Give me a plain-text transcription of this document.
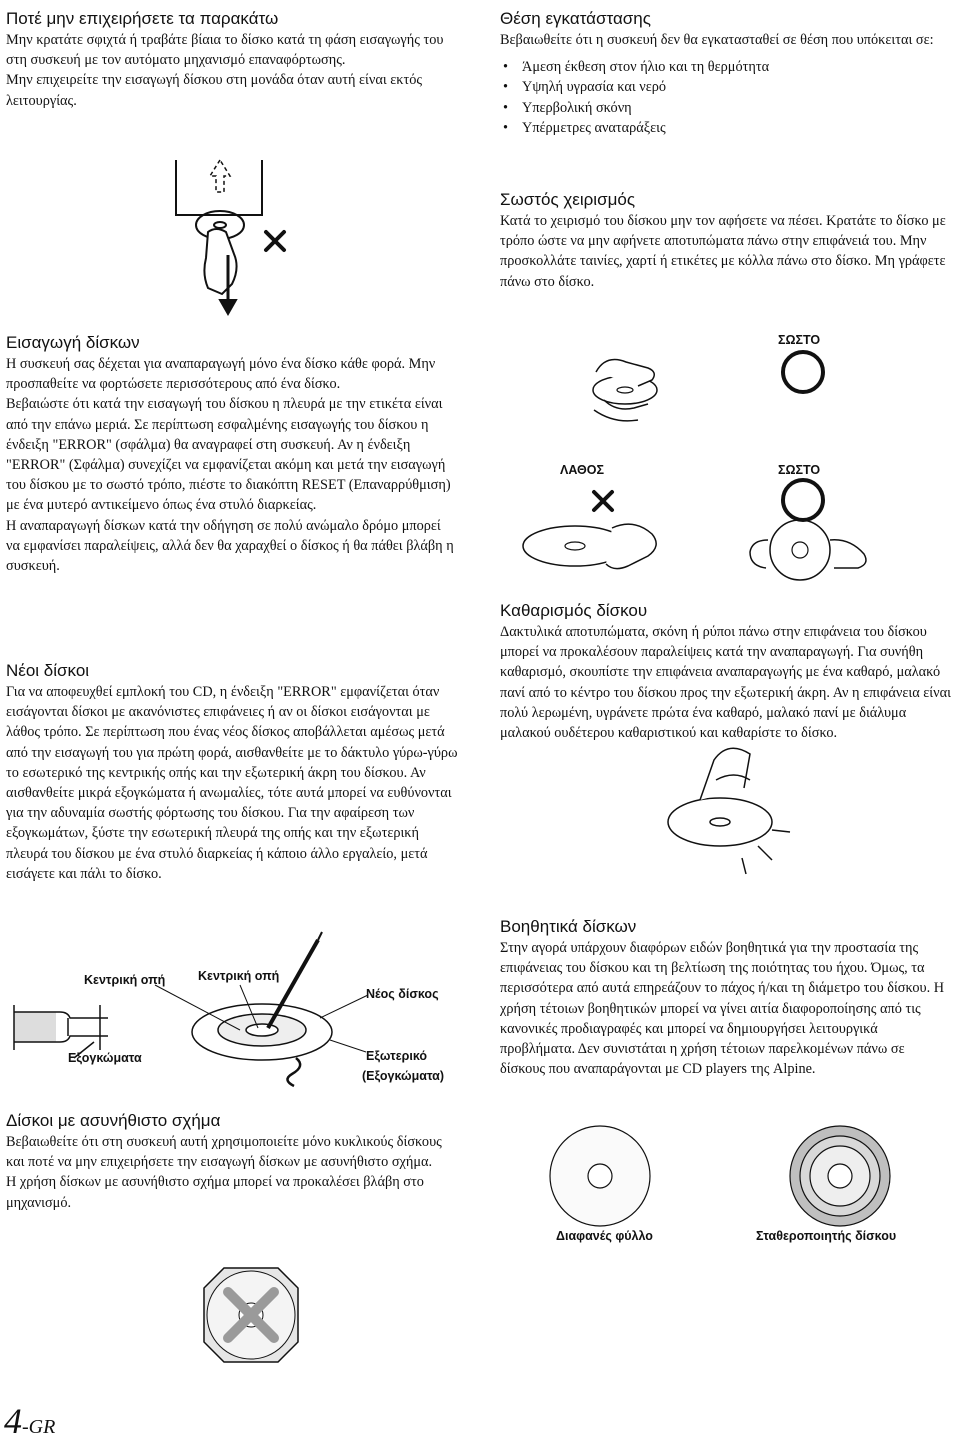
Ποτέ μην επιχειρήσετε τα παρακάτω

Μην κρατάτε σφιχτά ή τραβάτε βίαια το δίσκο κατά τη φάση εισαγωγής του στη συσκευή με τον αυτόματο μηχανισμό επαναφόρτωσης.

Μην επιχειρείτε την εισαγωγή δίσκου στη μονάδα όταν αυτή είναι εκτός λειτουργίας.

Εισαγωγή δίσκων

Η συσκευή σας δέχεται για αναπαραγωγή μόνο ένα δίσκο κάθε φορά. Μην προσπαθείτε να φορτώσετε περισσότερους από ένα δίσκο.

Βεβαιώστε ότι κατά την εισαγωγή του δίσκου η πλευρά με την ετικέτα είναι από την επάνω μεριά. Σε περίπτωση εσφαλμένης εισαγωγής του δίσκου η ένδειξη "ERROR" (σφάλμα) θα αναγραφεί στη συσκευή. Αν η ένδειξη "ERROR" (Σφάλμα) συνεχίζει να εμφανίζεται ακόμη και μετά την εισαγωγή του δίσκου με το σωστό τρόπο, πιέστε το διακόπτη RESET (Επαναρρύθμιση) με ένα μυτερό αντικείμενο όπως ένα στυλό διαρκείας.

Η αναπαραγωγή δίσκων κατά την οδήγηση σε πολύ ανώμαλο δρόμο μπορεί να εμφανίσει παραλείψεις, αλλά δεν θα χαραχθεί ο δίσκος ή θα πάθει βλάβη η συσκευή.

Νέοι δίσκοι

Για να αποφευχθεί εμπλοκή του CD, η ένδειξη "ERROR" εμφανίζεται όταν εισάγονται δίσκοι με ακανόνιστες επιφάνειες ή αν οι δίσκοι εισάγονται με λάθος τρόπο. Σε περίπτωση που ένας νέος δίσκος αποβάλλεται αμέσως μετά από την εισαγωγή του για πρώτη φορά, αισθανθείτε με το δάκτυλο γύρω-γύρω το εσωτερικό της κεντρικής οπής και την εξωτερική άκρη του δίσκου. Αν αισθανθείτε μικρά εξογκώματα ή ανωμαλίες, τότε αυτά μπορεί να ευθύνονται για την αδυναμία σωστής φόρτωσης του δίσκου. Για την αφαίρεση των εξογκωμάτων, ξύστε την εσωτερική πλευρά της οπής και την εξωτερική πλευρά του δίσκου με ένα στυλό διαρκείας ή κάποιο άλλο εργαλείο, μετά εισάγετε και πάλι το δίσκο.

Δίσκοι με ασυνήθιστο σχήμα

Βεβαιωθείτε ότι στη συσκευή αυτή χρησιμοποιείτε μόνο κυκλικούς δίσκους και ποτέ να μην επιχειρήσετε την εισαγωγή δίσκων με ασυνήθιστο σχήμα.

Η χρήση δίσκων με ασυνήθιστο σχήμα μπορεί να προκαλέσει βλάβη στο μηχανισμό.

Κεντρική οπή	Κεντρική οπή
Νέος δίσκος
Εξογκώματα	Εξωτερικό
(Εξογκώματα)
Θέση εγκατάστασης

Βεβαιωθείτε ότι η συσκευή δεν θα εγκατασταθεί σε θέση που υπόκειται σε:

• Άμεση έκθεση στον ήλιο και τη θερμότητα
• Υψηλή υγρασία και νερό
• Υπερβολική σκόνη
• Υπέρμετρες αναταράξεις
Σωστός χειρισμός

Κατά το χειρισμό του δίσκου μην τον αφήσετε να πέσει. Κρατάτε το δίσκο με τρόπο ώστε να μην αφήνετε αποτυπώματα πάνω στην επιφάνειά του. Μην προσκολλάτε ταινίες, χαρτί ή ετικέτες με κόλλα πάνω στο δίσκο. Μη γράφετε πάνω στο δίσκο.

Καθαρισμός δίσκου

Δακτυλικά αποτυπώματα, σκόνη ή ρύποι πάνω στην επιφάνεια του δίσκου μπορεί να προκαλέσουν παραλείψεις κατά την αναπαραγωγή. Για συνήθη καθαρισμό, σκουπίστε την επιφάνεια αναπαραγωγής με ένα καθαρό, μαλακό πανί από το κέντρο του δίσκου προς την εξωτερική άκρη. Αν η επιφάνεια είναι πολύ λερωμένη, υγράνετε πρώτα ένα καθαρό, μαλακό πανί με διάλυμα μαλακού ουδέτερου καθαριστικού και καθαρίστε το δίσκο.

Βοηθητικά δίσκων

Στην αγορά υπάρχουν διαφόρων ειδών βοηθητικά για την προστασία της επιφάνειας του δίσκου και τη βελτίωση της ποιότητας του ήχου. Όμως, τα περισσότερα από αυτά επηρεάζουν το πάχος ή/και τη διάμετρο του δίσκου. Η χρήση τέτοιων βοηθητικών μπορεί να γίνει αιτία διαφοροποίησης από τις κανονικές προδιαγραφές και μπορεί να δημιουργήσει λειτουργικά προβλήματα. Δεν συνιστάται η χρήση τέτοιων παρελκομένων πάνω σε δίσκους που αναπαράγονται με CD players της Alpine.

ΣΩΣΤΟ
ΛΑΘΟΣ	ΣΩΣΤΟ
Διαφανές φύλλο	Σταθεροποιητής δίσκου
4-GR
